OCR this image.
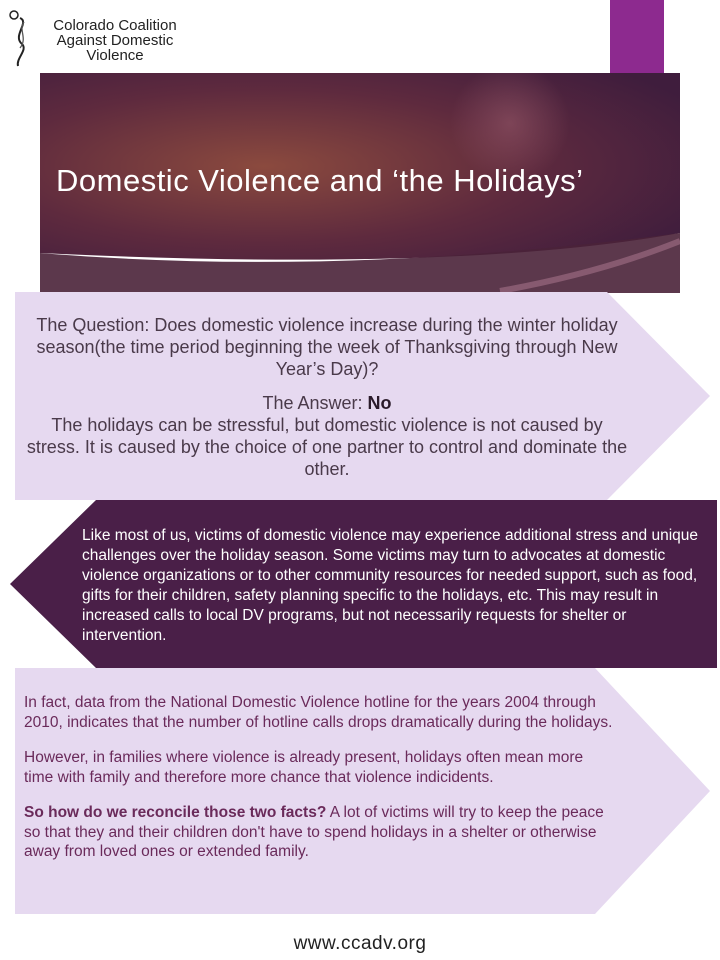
Colorado Coalition
Against Domestic
Violence
Domestic Violence and ‘the Holidays’
The Question: Does domestic violence increase during the winter holiday season(the time period beginning the week of Thanksgiving through New Year’s Day)?
The Answer: No
The holidays can be stressful, but domestic violence is not caused by stress. It is caused by the choice of one partner to control and dominate the other.
Like most of us, victims of domestic violence may experience additional stress and unique challenges over the holiday season. Some victims may turn to advocates at domestic violence organizations or to other community resources for needed support, such as food, gifts for their children, safety planning specific to the holidays, etc. This may result in increased calls to local DV programs, but not necessarily requests for shelter or intervention.

In fact, data from the National Domestic Violence hotline for the years 2004 through 2010, indicates that the number of hotline calls drops dramatically during the holidays.

However, in families where violence is already present, holidays often mean more time with family and therefore more chance that violence indicidents.

So how do we reconcile those two facts? A lot of victims will try to keep the peace so that they and their children don't have to spend holidays in a shelter or otherwise away from loved ones or extended family.

www.ccadv.org
